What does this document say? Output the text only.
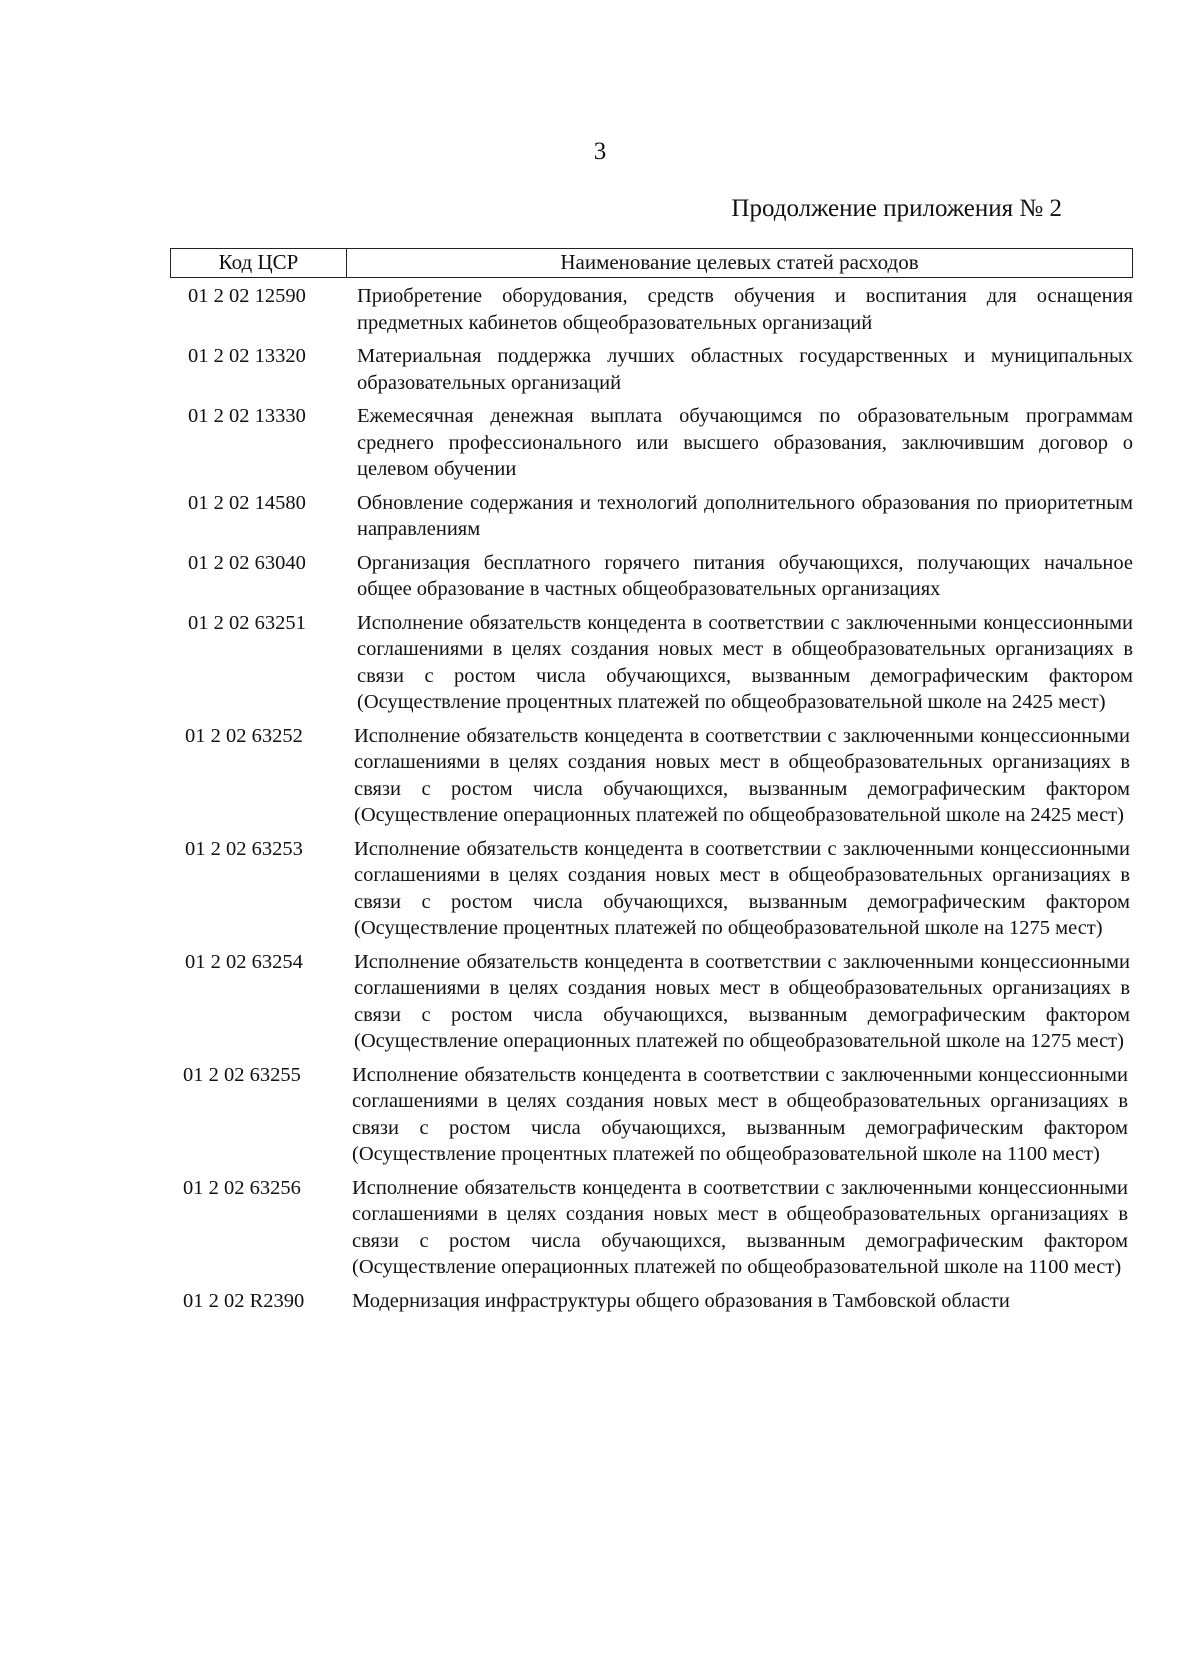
3
Продолжение приложения № 2
Код ЦСР	Наименование целевых статей расходов
01 2 02 12590	Приобретение оборудования, средств обучения и воспитания для оснащения предметных кабинетов общеобразовательных организаций
01 2 02 13320	Материальная поддержка лучших областных государственных и муниципальных образовательных организаций
01 2 02 13330	Ежемесячная денежная выплата обучающимся по образовательным программам среднего профессионального или высшего образования, заключившим договор о целевом обучении
01 2 02 14580	Обновление содержания и технологий дополнительного образования по приоритетным направлениям
01 2 02 63040	Организация бесплатного горячего питания обучающихся, получающих начальное общее образование в частных общеобразовательных организациях
01 2 02 63251	Исполнение обязательств концедента в соответствии с заключенными концессионными соглашениями в целях создания новых мест в общеобразовательных организациях в связи с ростом числа обучающихся, вызванным демографическим фактором (Осуществление процентных платежей по общеобразовательной школе на 2425 мест)
01 2 02 63252	Исполнение обязательств концедента в соответствии с заключенными концессионными соглашениями в целях создания новых мест в общеобразовательных организациях в связи с ростом числа обучающихся, вызванным демографическим фактором (Осуществление операционных платежей по общеобразовательной школе на 2425 мест)
01 2 02 63253	Исполнение обязательств концедента в соответствии с заключенными концессионными соглашениями в целях создания новых мест в общеобразовательных организациях в связи с ростом числа обучающихся, вызванным демографическим фактором (Осуществление процентных платежей по общеобразовательной школе на 1275 мест)
01 2 02 63254	Исполнение обязательств концедента в соответствии с заключенными концессионными соглашениями в целях создания новых мест в общеобразовательных организациях в связи с ростом числа обучающихся, вызванным демографическим фактором (Осуществление операционных платежей по общеобразовательной школе на 1275 мест)
01 2 02 63255	Исполнение обязательств концедента в соответствии с заключенными концессионными соглашениями в целях создания новых мест в общеобразовательных организациях в связи с ростом числа обучающихся, вызванным демографическим фактором (Осуществление процентных платежей по общеобразовательной школе на 1100 мест)
01 2 02 63256	Исполнение обязательств концедента в соответствии с заключенными концессионными соглашениями в целях создания новых мест в общеобразовательных организациях в связи с ростом числа обучающихся, вызванным демографическим фактором (Осуществление операционных платежей по общеобразовательной школе на 1100 мест)
01 2 02 R2390	Модернизация инфраструктуры общего образования в Тамбовской области
